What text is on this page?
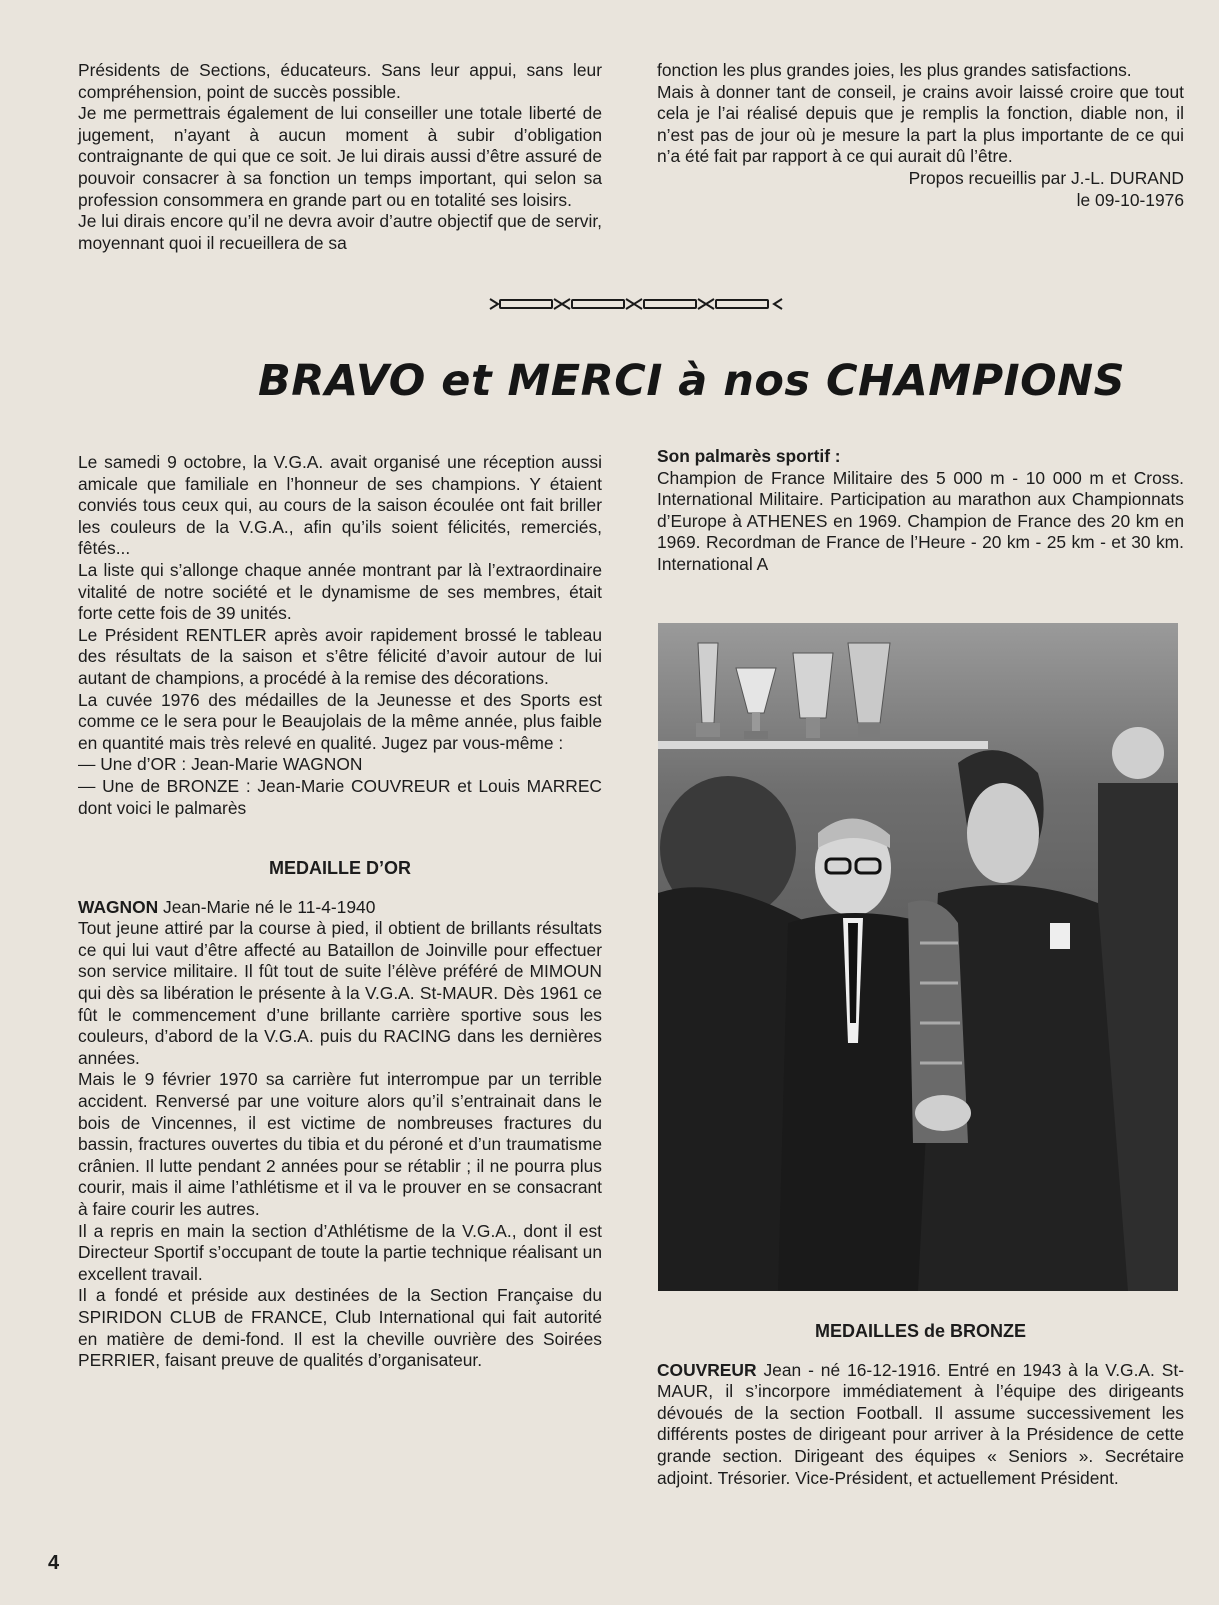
Présidents de Sections, éducateurs. Sans leur appui, sans leur compréhension, point de succès possible.

Je me permettrais également de lui conseiller une totale liberté de jugement, n’ayant à aucun moment à subir d’obligation contraignante de qui que ce soit. Je lui dirais aussi d’être assuré de pouvoir consacrer à sa fonction un temps important, qui selon sa profession consommera en grande part ou en totalité ses loisirs.

Je lui dirais encore qu’il ne devra avoir d’autre objectif que de servir, moyennant quoi il recueillera de sa

fonction les plus grandes joies, les plus grandes satisfactions.

Mais à donner tant de conseil, je crains avoir laissé croire que tout cela je l’ai réalisé depuis que je remplis la fonction, diable non, il n’est pas de jour où je mesure la part la plus importante de ce qui n’a été fait par rapport à ce qui aurait dû l’être.

Propos recueillis par J.-L. DURAND

le 09-10-1976

BRAVO et MERCI à nos CHAMPIONS

Le samedi 9 octobre, la V.G.A. avait organisé une réception aussi amicale que familiale en l’honneur de ses champions. Y étaient conviés tous ceux qui, au cours de la saison écoulée ont fait briller les couleurs de la V.G.A., afin qu’ils soient félicités, remerciés, fêtés...

La liste qui s’allonge chaque année montrant par là l’extraordinaire vitalité de notre société et le dynamisme de ses membres, était forte cette fois de 39 unités.

Le Président RENTLER après avoir rapidement brossé le tableau des résultats de la saison et s’être félicité d’avoir autour de lui autant de champions, a procédé à la remise des décorations.

La cuvée 1976 des médailles de la Jeunesse et des Sports est comme ce le sera pour le Beaujolais de la même année, plus faible en quantité mais très relevé en qualité. Jugez par vous-même :

— Une d’OR : Jean-Marie WAGNON

— Une de BRONZE : Jean-Marie COUVREUR et Louis MARREC dont voici le palmarès

MEDAILLE D’OR

WAGNON Jean-Marie né le 11-4-1940

Tout jeune attiré par la course à pied, il obtient de brillants résultats ce qui lui vaut d’être affecté au Bataillon de Joinville pour effectuer son service militaire. Il fût tout de suite l’élève préféré de MIMOUN qui dès sa libération le présente à la V.G.A. St-MAUR. Dès 1961 ce fût le commencement d’une brillante carrière sportive sous les couleurs, d’abord de la V.G.A. puis du RACING dans les dernières années.

Mais le 9 février 1970 sa carrière fut interrompue par un terrible accident. Renversé par une voiture alors qu’il s’entrainait dans le bois de Vincennes, il est victime de nombreuses fractures du bassin, fractures ouvertes du tibia et du péroné et d’un traumatisme crânien. Il lutte pendant 2 années pour se rétablir ; il ne pourra plus courir, mais il aime l’athlétisme et il va le prouver en se consacrant à faire courir les autres.

Il a repris en main la section d’Athlétisme de la V.G.A., dont il est Directeur Sportif s’occupant de toute la partie technique réalisant un excellent travail.

Il a fondé et préside aux destinées de la Section Française du SPIRIDON CLUB de FRANCE, Club International qui fait autorité en matière de demi-fond. Il est la cheville ouvrière des Soirées PERRIER, faisant preuve de qualités d’organisateur.

Son palmarès sportif :

Champion de France Militaire des 5 000 m - 10 000 m et Cross. International Militaire. Participation au marathon aux Championnats d’Europe à ATHENES en 1969. Champion de France des 20 km en 1969. Recordman de France de l’Heure - 20 km - 25 km - et 30 km. International A

MEDAILLES de BRONZE

COUVREUR Jean - né 16-12-1916. Entré en 1943 à la V.G.A. St-MAUR, il s’incorpore immédiatement à l’équipe des dirigeants dévoués de la section Football. Il assume successivement les différents postes de dirigeant pour arriver à la Présidence de cette grande section. Dirigeant des équipes « Seniors ». Secrétaire adjoint. Trésorier. Vice-Président, et actuellement Président.

4
